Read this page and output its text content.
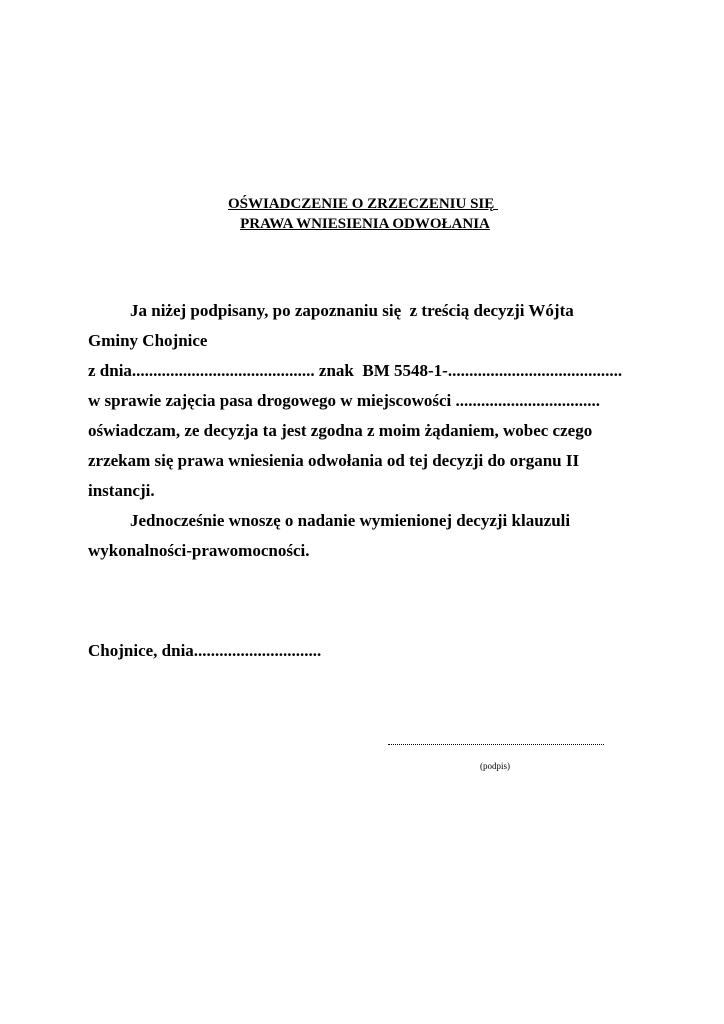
OŚWIADCZENIE O ZRZECZENIU SIĘ
PRAWA WNIESIENIA ODWOŁANIA
Ja niżej podpisany, po zapoznaniu się  z treścią decyzji Wójta
Gminy Chojnice
z dnia........................................... znak  BM 5548-1-.........................................
w sprawie zajęcia pasa drogowego w miejscowości ..................................
oświadczam, ze decyzja ta jest zgodna z moim żądaniem, wobec czego
zrzekam się prawa wniesienia odwołania od tej decyzji do organu II
instancji.
Jednocześnie wnoszę o nadanie wymienionej decyzji klauzuli
wykonalności-prawomocności.
Chojnice, dnia..............................
(podpis)
